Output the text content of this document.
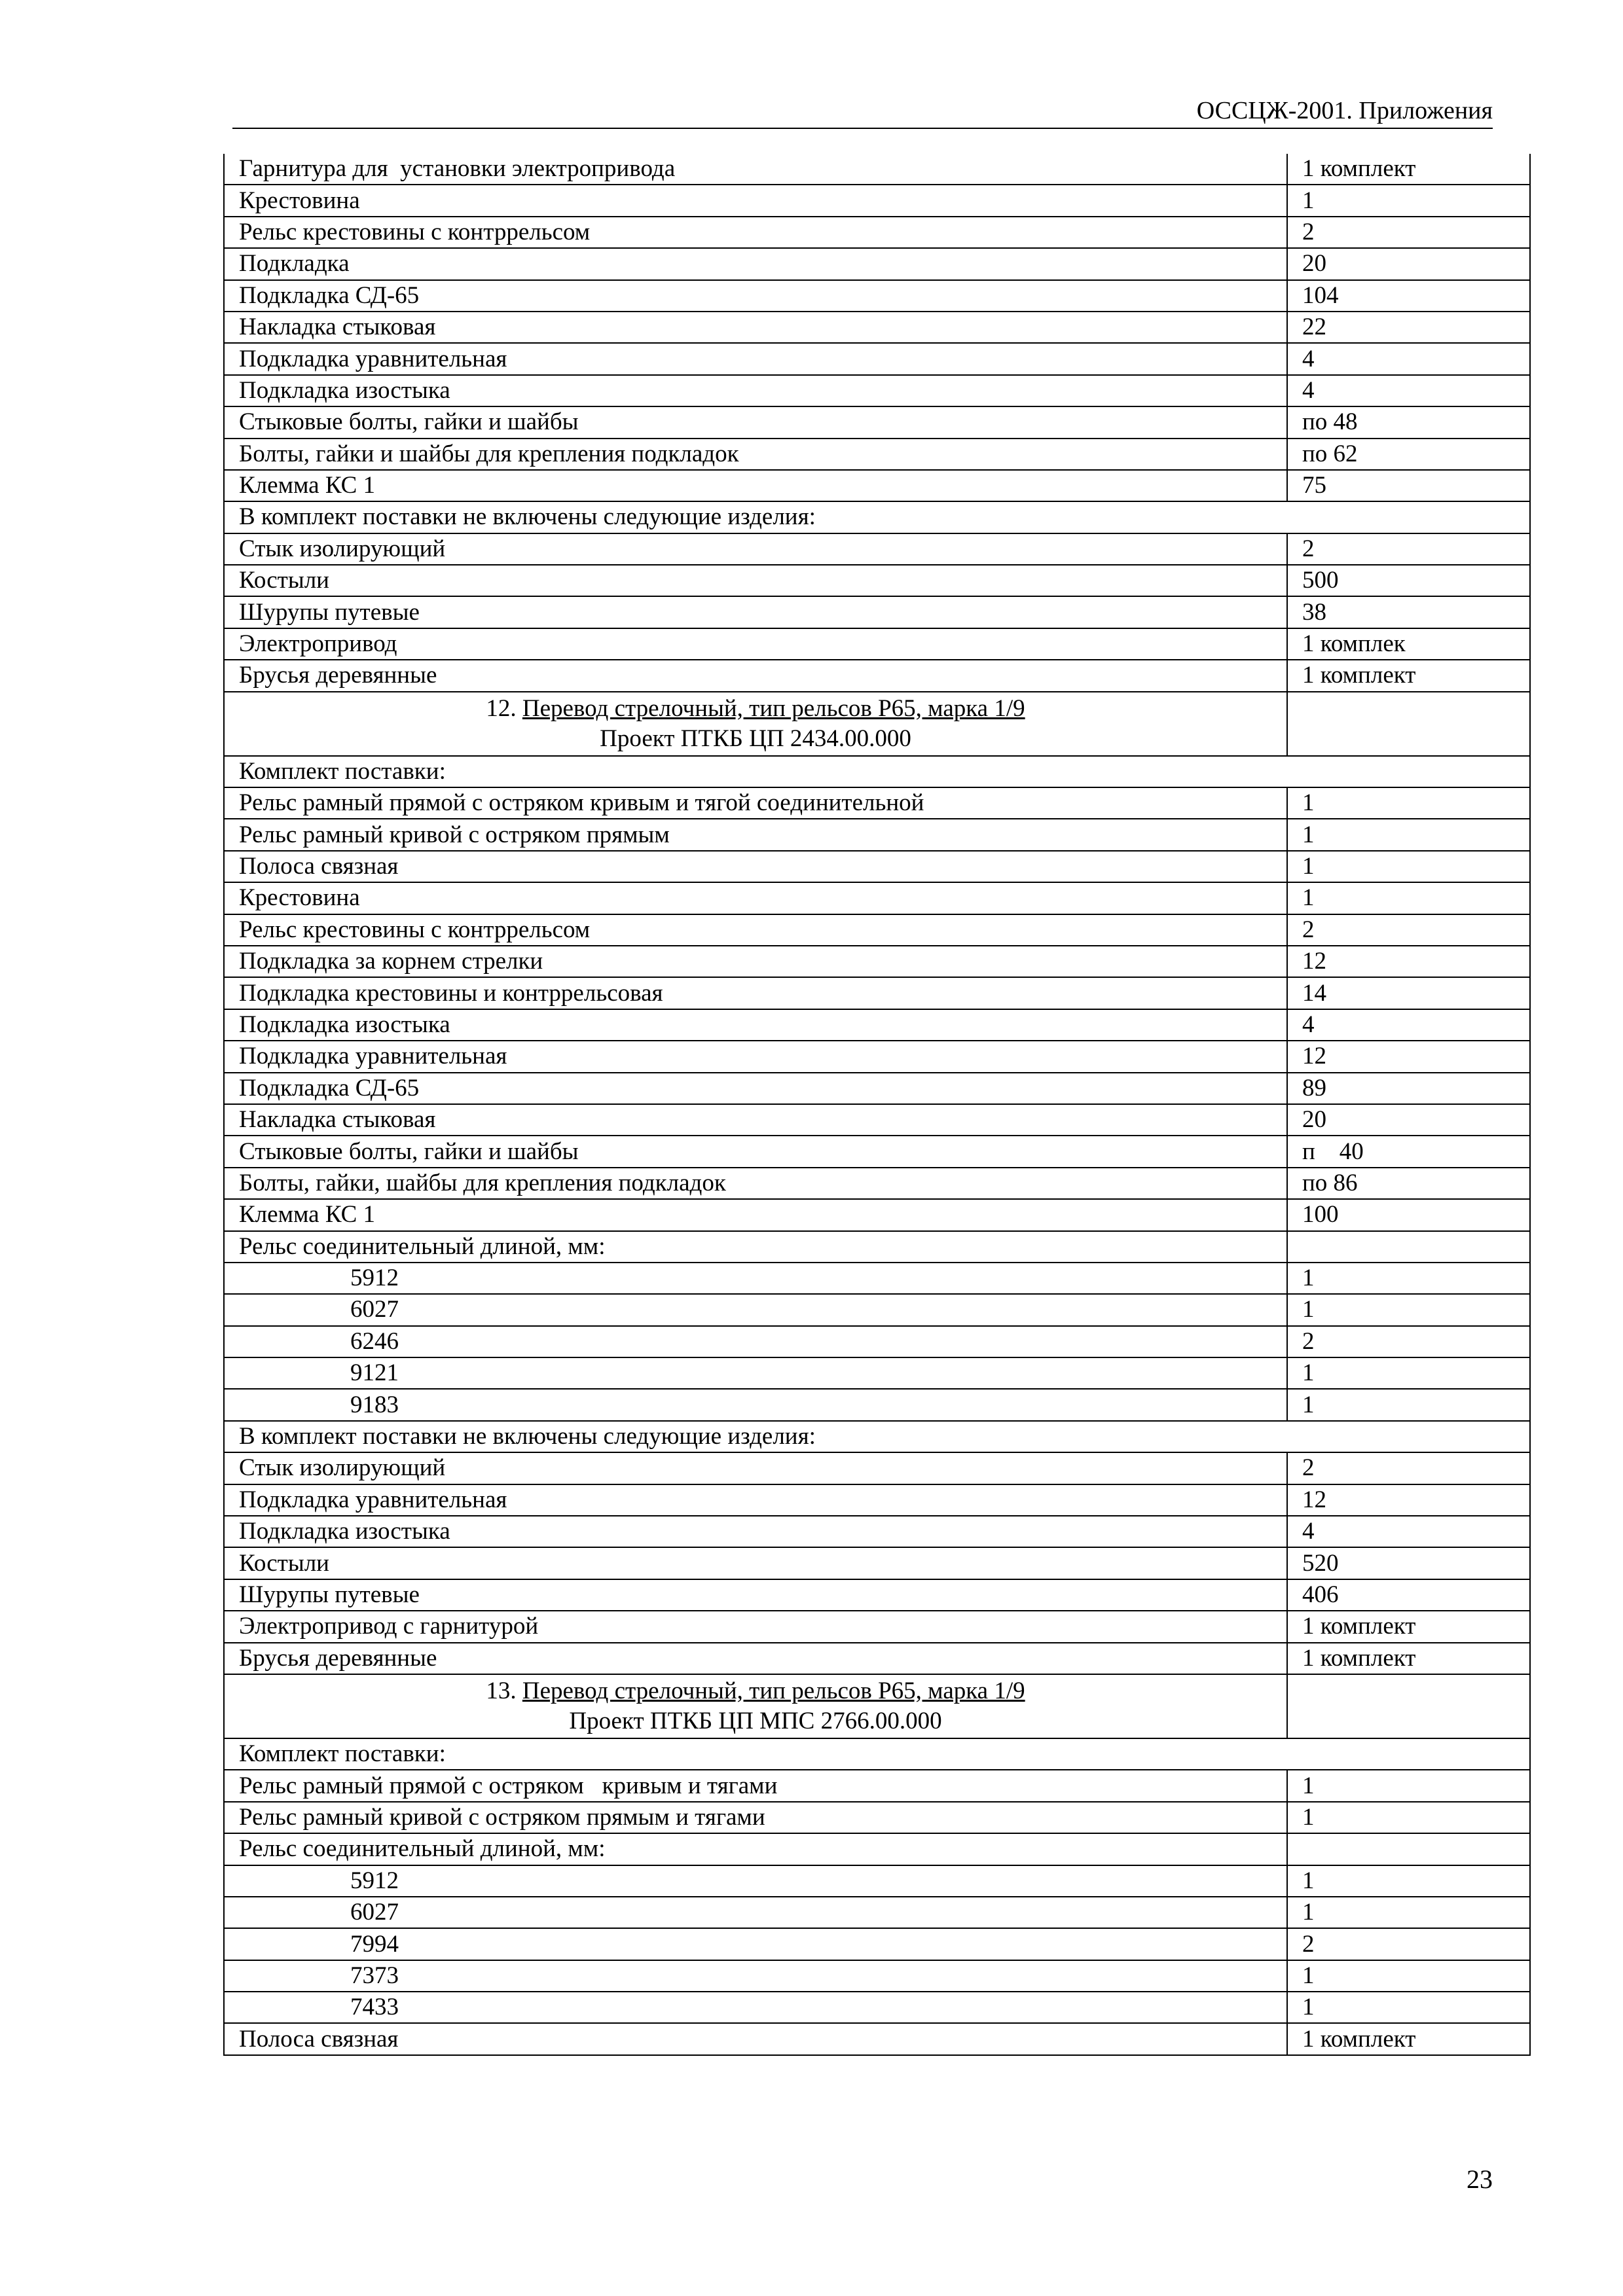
ОССЦЖ-2001. Приложения
Гарнитура для  установки электропривода	1 комплект
Крестовина	1
Рельс крестовины с контррельсом	2
Подкладка	20
Подкладка СД-65	104
Накладка стыковая	22
Подкладка уравнительная	4
Подкладка изостыка	4
Стыковые болты, гайки и шайбы	по 48
Болты, гайки и шайбы для крепления подкладок	по 62
Клемма КС 1	75
В комплект поставки не включены следующие изделия:	
Стык изолирующий	2
Костыли	500
Шурупы путевые	38
Электропривод	1 комплек
Брусья деревянные	1 комплект

12. Перевод стрелочный, тип рельсов Р65, марка 1/9
Проект ПТКБ ЦП 2434.00.000	

Комплект поставки:	
Рельс рамный прямой с остряком кривым и тягой соединительной	1
Рельс рамный кривой с остряком прямым	1
Полоса связная	1
Крестовина	1
Рельс крестовины с контррельсом	2
Подкладка за корнем стрелки	12
Подкладка крестовины и контррельсовая	14
Подкладка изостыка	4
Подкладка уравнительная	12
Подкладка СД-65	89
Накладка стыковая	20
Стыковые болты, гайки и шайбы	п    40
Болты, гайки, шайбы для крепления подкладок	по 86
Клемма КС 1	100
Рельс соединительный длиной, мм:	
5912	1
6027	1
6246	2
9121	1
9183	1
В комплект поставки не включены следующие изделия:	
Стык изолирующий	2
Подкладка уравнительная	12
Подкладка изостыка	4
Костыли	520
Шурупы путевые	406
Электропривод с гарнитурой	1 комплект
Брусья деревянные	1 комплект

13. Перевод стрелочный, тип рельсов Р65, марка 1/9
Проект ПТКБ ЦП МПС 2766.00.000	

Комплект поставки:	
Рельс рамный прямой с остряком   кривым и тягами	1
Рельс рамный кривой с остряком прямым и тягами	1
Рельс соединительный длиной, мм:	
5912	1
6027	1
7994	2
7373	1
7433	1
Полоса связная	1 комплект
23
